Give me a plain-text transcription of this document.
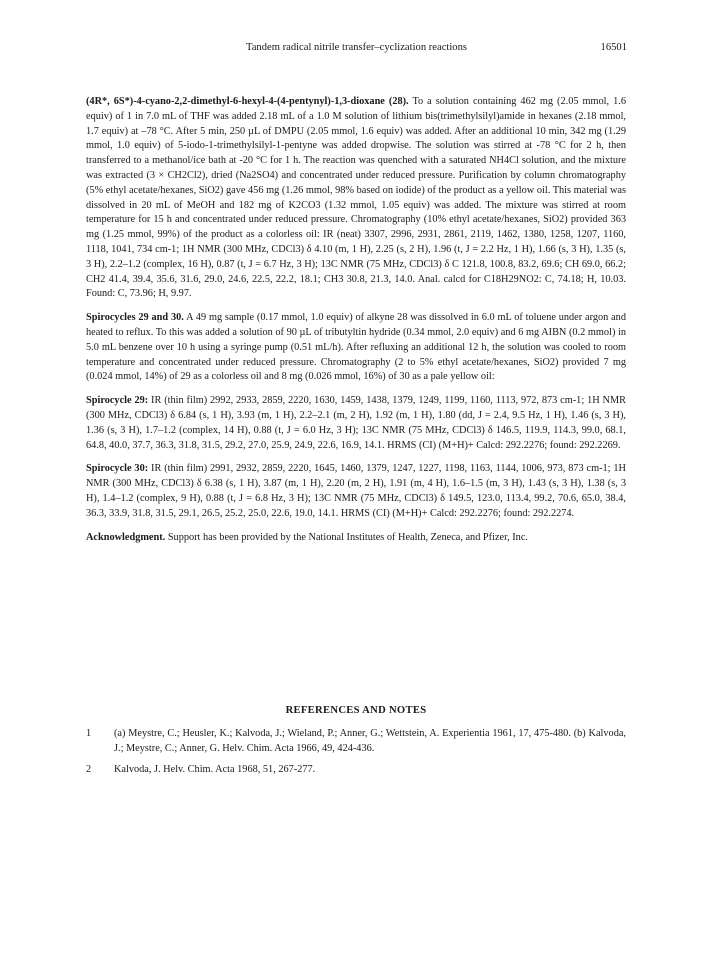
Tandem radical nitrile transfer–cyclization reactions	16501

(4R*, 6S*)-4-cyano-2,2-dimethyl-6-hexyl-4-(4-pentynyl)-1,3-dioxane (28). To a solution containing 462 mg (2.05 mmol, 1.6 equiv) of 1 in 7.0 mL of THF was added 2.18 mL of a 1.0 M solution of lithium bis(trimethylsilyl)amide in hexanes (2.18 mmol, 1.7 equiv) at –78 °C. After 5 min, 250 µL of DMPU (2.05 mmol, 1.6 equiv) was added. After an additional 10 min, 342 mg (1.29 mmol, 1.0 equiv) of 5-iodo-1-trimethylsilyl-1-pentyne was added dropwise. The solution was stirred at -78 °C for 2 h, then transferred to a methanol/ice bath at -20 °C for 1 h. The reaction was quenched with a saturated NH4Cl solution, and the mixture was extracted (3 × CH2Cl2), dried (Na2SO4) and concentrated under reduced pressure. Purification by column chromatography (5% ethyl acetate/hexanes, SiO2) gave 456 mg (1.26 mmol, 98% based on iodide) of the product as a yellow oil. This material was dissolved in 20 mL of MeOH and 182 mg of K2CO3 (1.32 mmol, 1.05 equiv) was added. The mixture was stirred at room temperature for 15 h and concentrated under reduced pressure. Chromatography (10% ethyl acetate/hexanes, SiO2) provided 363 mg (1.25 mmol, 99%) of the product as a colorless oil: IR (neat) 3307, 2996, 2931, 2861, 2119, 1462, 1380, 1258, 1207, 1160, 1118, 1041, 734 cm-1; 1H NMR (300 MHz, CDCl3) δ 4.10 (m, 1 H), 2.25 (s, 2 H), 1.96 (t, J = 2.2 Hz, 1 H), 1.66 (s, 3 H), 1.35 (s, 3 H), 2.2–1.2 (complex, 16 H), 0.87 (t, J = 6.7 Hz, 3 H); 13C NMR (75 MHz, CDCl3) δ C 121.8, 100.8, 83.2, 69.6; CH 69.0, 66.2; CH2 41.4, 39.4, 35.6, 31.6, 29.0, 24.6, 22.5, 22.2, 18.1; CH3 30.8, 21.3, 14.0. Anal. calcd for C18H29NO2: C, 74.18; H, 10.03. Found: C, 73.96; H, 9.97.

Spirocycles 29 and 30. A 49 mg sample (0.17 mmol, 1.0 equiv) of alkyne 28 was dissolved in 6.0 mL of toluene under argon and heated to reflux. To this was added a solution of 90 µL of tributyltin hydride (0.34 mmol, 2.0 equiv) and 6 mg AIBN (0.2 mmol) in 5.0 mL benzene over 10 h using a syringe pump (0.51 mL/h). After refluxing an additional 12 h, the solution was cooled to room temperature and concentrated under reduced pressure. Chromatography (2 to 5% ethyl acetate/hexanes, SiO2) provided 7 mg (0.024 mmol, 14%) of 29 as a colorless oil and 8 mg (0.026 mmol, 16%) of 30 as a pale yellow oil:

Spirocycle 29: IR (thin film) 2992, 2933, 2859, 2220, 1630, 1459, 1438, 1379, 1249, 1199, 1160, 1113, 972, 873 cm-1; 1H NMR (300 MHz, CDCl3) δ 6.84 (s, 1 H), 3.93 (m, 1 H), 2.2–2.1 (m, 2 H), 1.92 (m, 1 H), 1.80 (dd, J = 2.4, 9.5 Hz, 1 H), 1.46 (s, 3 H), 1.36 (s, 3 H), 1.7–1.2 (complex, 14 H), 0.88 (t, J = 6.0 Hz, 3 H); 13C NMR (75 MHz, CDCl3) δ 146.5, 119.9, 114.3, 99.0, 68.1, 64.8, 40.0, 37.7, 36.3, 31.8, 31.5, 29.2, 27.0, 25.9, 24.9, 22.6, 16.9, 14.1. HRMS (CI) (M+H)+ Calcd: 292.2276; found: 292.2269.

Spirocycle 30: IR (thin film) 2991, 2932, 2859, 2220, 1645, 1460, 1379, 1247, 1227, 1198, 1163, 1144, 1006, 973, 873 cm-1; 1H NMR (300 MHz, CDCl3) δ 6.38 (s, 1 H), 3.87 (m, 1 H), 2.20 (m, 2 H), 1.91 (m, 4 H), 1.6–1.5 (m, 3 H), 1.43 (s, 3 H), 1.38 (s, 3 H), 1.4–1.2 (complex, 9 H), 0.88 (t, J = 6.8 Hz, 3 H); 13C NMR (75 MHz, CDCl3) δ 149.5, 123.0, 113.4, 99.2, 70.6, 65.0, 38.4, 36.3, 33.9, 31.8, 31.5, 29.1, 26.5, 25.2, 25.0, 22.6, 19.0, 14.1. HRMS (CI) (M+H)+ Calcd: 292.2276; found: 292.2274.

Acknowledgment. Support has been provided by the National Institutes of Health, Zeneca, and Pfizer, Inc.

REFERENCES AND NOTES
1 (a) Meystre, C.; Heusler, K.; Kalvoda, J.; Wieland, P.; Anner, G.; Wettstein, A. Experientia 1961, 17, 475-480. (b) Kalvoda, J.; Meystre, C.; Anner, G. Helv. Chim. Acta 1966, 49, 424-436.
2 Kalvoda, J. Helv. Chim. Acta 1968, 51, 267-277.
